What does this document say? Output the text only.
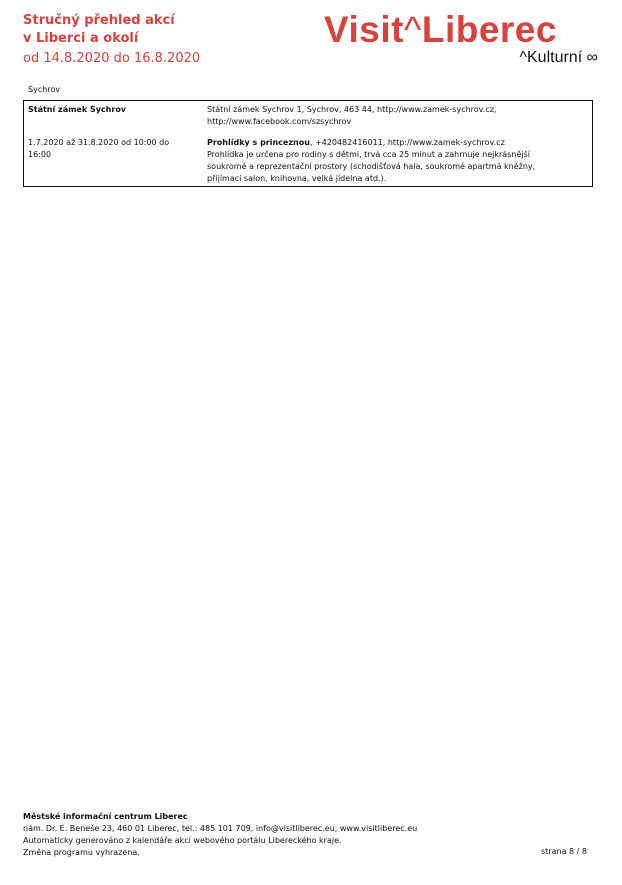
Stručný přehled akcí
v Liberci a okolí
od 14.8.2020 do 16.8.2020
Visit^Liberec
^Kulturní ∞
Sychrov
Státní zámek Sychrov	Státní zámek Sychrov 1, Sychrov, 463 44, http://www.zamek-sychrov.cz,
http://www.facebook.com/szsychrov
1.7.2020 až 31.8.2020 od 10:00 do
16:00
Prohlídky s princeznou, +420482416011, http://www.zamek-sychrov.cz
Prohlídka je určena pro rodiny s dětmi, trvá cca 25 minut a zahrnuje nejkrásnější
soukromé a reprezentační prostory (schodišťová hala, soukromé apartmá kněžny,
přijímací salon, knihovna, velká jídelna atd.).
Městské informační centrum Liberec
nám. Dr. E. Beneše 23, 460 01 Liberec, tel.: 485 101 709, info@visitliberec.eu, www.visitliberec.eu
Automaticky generováno z kalendáře akcí webového portálu Libereckého kraje.
Změna programu vyhrazena.	strana 8 / 8
